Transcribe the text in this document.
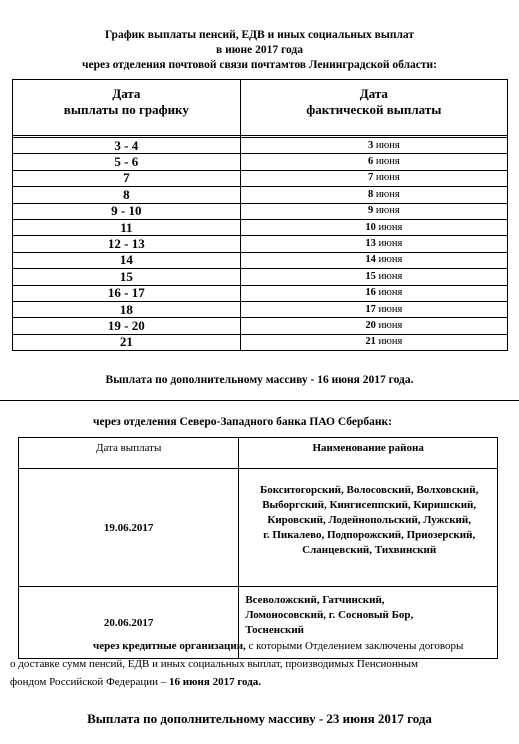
График выплаты пенсий, ЕДВ и иных социальных выплат
в июне 2017 года
через отделения почтовой связи почтамтов Ленинградской области:
Дата
выплаты по графику	Дата
фактической выплаты

3 - 4	3 июня
5 - 6	6 июня
7	7 июня
8	8 июня
9 - 10	9 июня
11	10 июня
12 - 13	13 июня
14	14 июня
15	15 июня
16 - 17	16 июня
18	17 июня
19 - 20	20 июня
21	21 июня
Выплата по дополнительному массиву - 16 июня 2017 года.
через отделения Северо-Западного банка ПАО Сбербанк:
Дата выплаты	Наименование района
19.06.2017	Бокситогорский, Волосовский, Волховский,
Выборгский, Кингисеппский, Киришский,
Кировский, Лодейнопольский, Лужский,
г. Пикалево, Подпорожский, Приозерский,
Сланцевский, Тихвинский

20.06.2017	Всеволожский, Гатчинский,
Ломоносовский, г. Сосновый Бор,
Тосненский

через кредитные организации, с которыми Отделением заключены договоры

о доставке сумм пенсий, ЕДВ и иных социальных выплат, производимых Пенсионным

фондом Российской Федерации – 16 июня 2017 года.

Выплата по дополнительному массиву - 23 июня 2017 года
